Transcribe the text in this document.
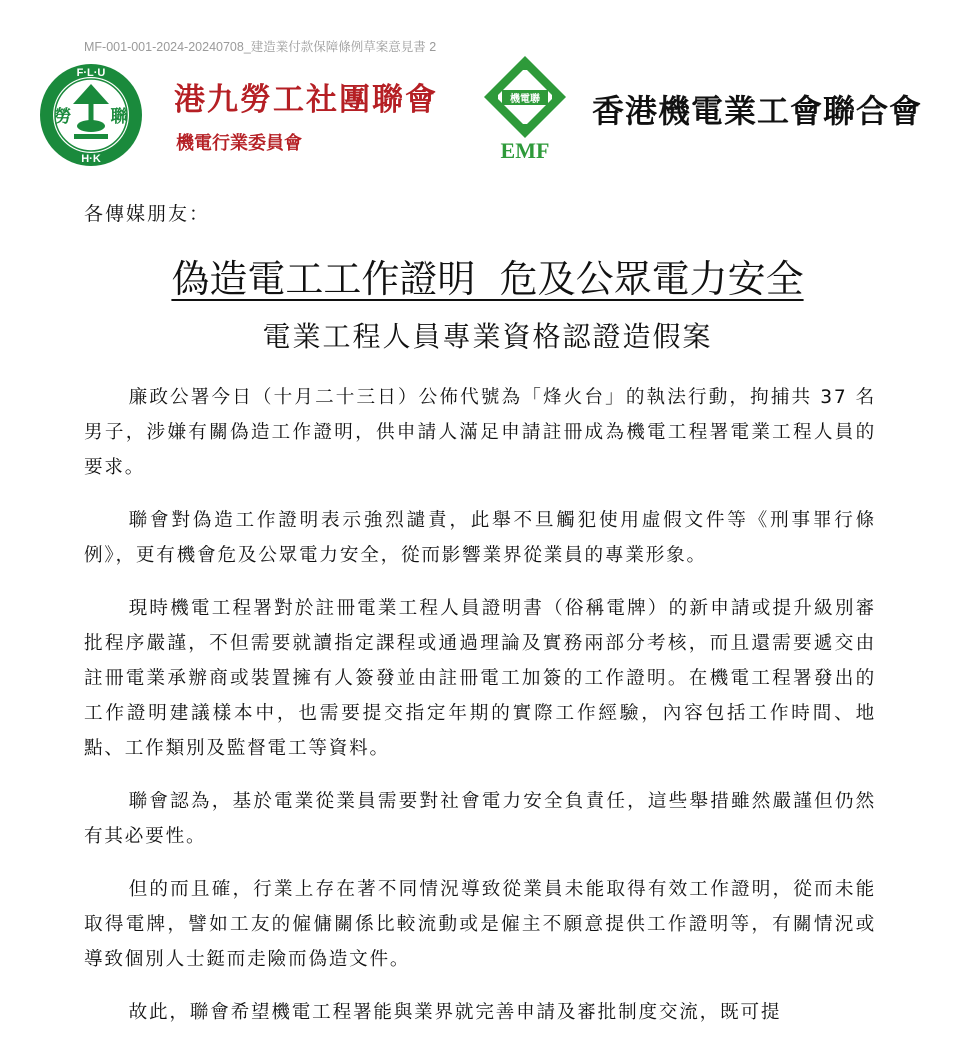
MF-001-001-2024-20240708_建造業付款保障條例草案意見書 2
F·L·U
H·K
勞 聯 港九勞工社團聯會
機電行業委員會
機電聯
EMF
香港機電業工會聯合會
各傳媒朋友：
偽造電工工作證明  危及公眾電力安全
電業工程人員專業資格認證造假案

廉政公署今日（十月二十三日）公佈代號為「烽火台」的執法行動，拘捕共 37 名男子，涉嫌有關偽造工作證明，供申請人滿足申請註冊成為機電工程署電業工程人員的要求。

聯會對偽造工作證明表示強烈譴責，此舉不旦觸犯使用虛假文件等《刑事罪行條例》，更有機會危及公眾電力安全，從而影響業界從業員的專業形象。

現時機電工程署對於註冊電業工程人員證明書（俗稱電牌）的新申請或提升級別審批程序嚴謹，不但需要就讀指定課程或通過理論及實務兩部分考核，而且還需要遞交由註冊電業承辦商或裝置擁有人簽發並由註冊電工加簽的工作證明。在機電工程署發出的工作證明建議樣本中，也需要提交指定年期的實際工作經驗，內容包括工作時間、地點、工作類別及監督電工等資料。

聯會認為，基於電業從業員需要對社會電力安全負責任，這些舉措雖然嚴謹但仍然有其必要性。

但的而且確，行業上存在著不同情況導致從業員未能取得有效工作證明，從而未能取得電牌，譬如工友的僱傭關係比較流動或是僱主不願意提供工作證明等，有關情況或導致個別人士鋌而走險而偽造文件。

故此，聯會希望機電工程署能與業界就完善申請及審批制度交流，既可提
